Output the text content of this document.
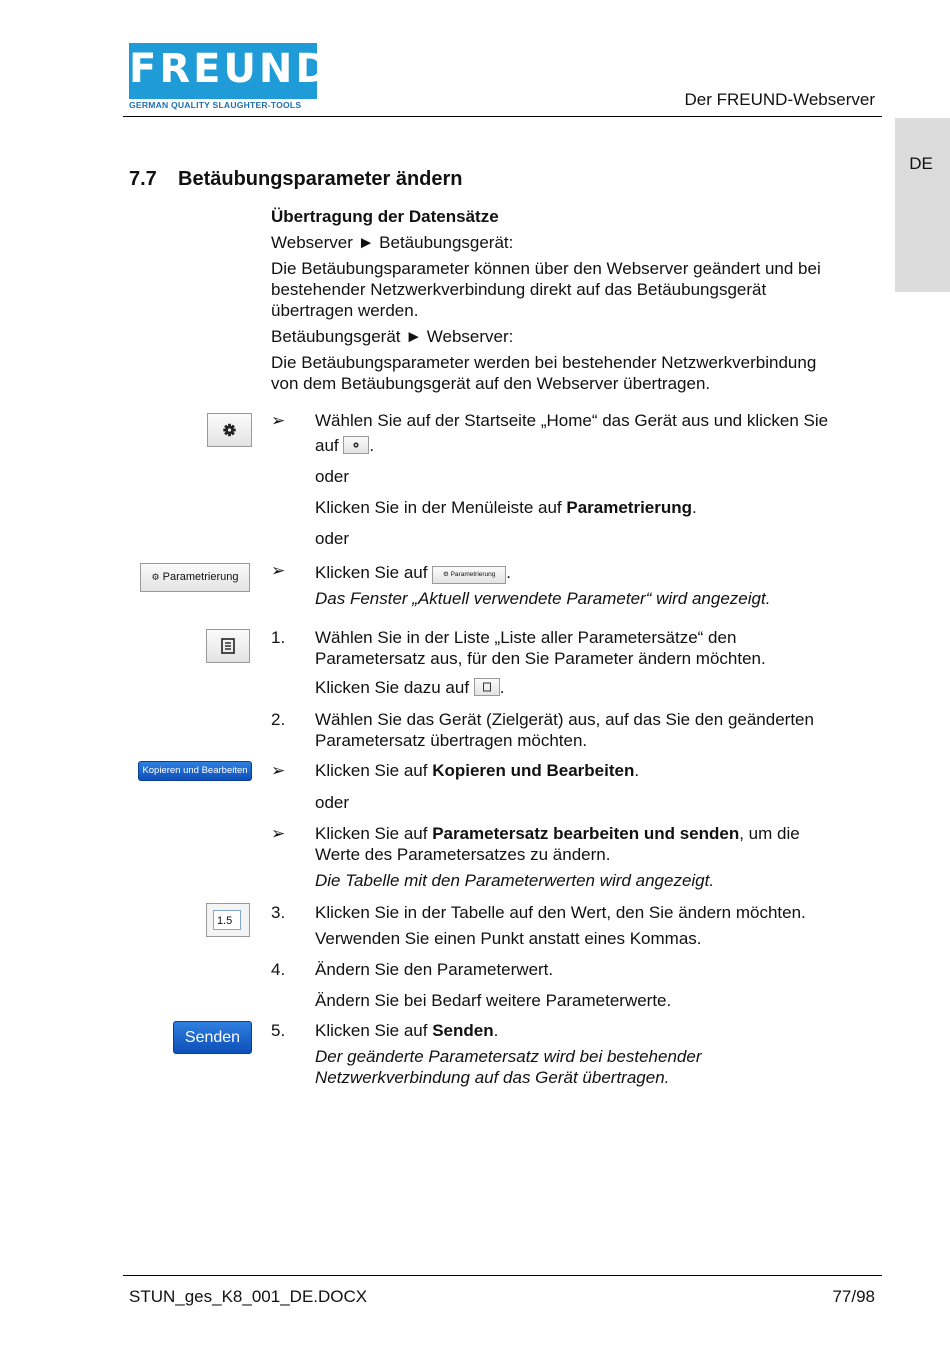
FREUND
GERMAN QUALITY SLAUGHTER-TOOLS	Der FREUND-Webserver
DE
7.7 Betäubungsparameter ändern
Übertragung der Datensätze
Webserver ► Betäubungsgerät:
Die Betäubungsparameter können über den Webserver geändert und bei
bestehender Netzwerkverbindung direkt auf das Betäubungsgerät
übertragen werden.
Betäubungsgerät ► Webserver:
Die Betäubungsparameter werden bei bestehender Netzwerkverbindung
von dem Betäubungsgerät auf den Webserver übertragen.
➢ Wählen Sie auf der Startseite „Home“ das Gerät aus und klicken Sie
auf .
oder
Klicken Sie in der Menüleiste auf Parametrierung.
oder
⚙ Parametrierung	➢ Klicken Sie auf ⚙ Parametrierung .
Das Fenster „Aktuell verwendete Parameter“ wird angezeigt.
1. Wählen Sie in der Liste „Liste aller Parametersätze“ den
Parametersatz aus, für den Sie Parameter ändern möchten.
Klicken Sie dazu auf .
2. Wählen Sie das Gerät (Zielgerät) aus, auf das Sie den geänderten
Parametersatz übertragen möchten.
Kopieren und Bearbeiten ➢ Klicken Sie auf Kopieren und Bearbeiten.
oder
➢ Klicken Sie auf Parametersatz bearbeiten und senden, um die
Werte des Parametersatzes zu ändern.
Die Tabelle mit den Parameterwerten wird angezeigt.
1.5	3. Klicken Sie in der Tabelle auf den Wert, den Sie ändern möchten.
Verwenden Sie einen Punkt anstatt eines Kommas.
4. Ändern Sie den Parameterwert.
Ändern Sie bei Bedarf weitere Parameterwerte.
Senden	5. Klicken Sie auf Senden.
Der geänderte Parametersatz wird bei bestehender
Netzwerkverbindung auf das Gerät übertragen.
STUN_ges_K8_001_DE.DOCX	77/98
